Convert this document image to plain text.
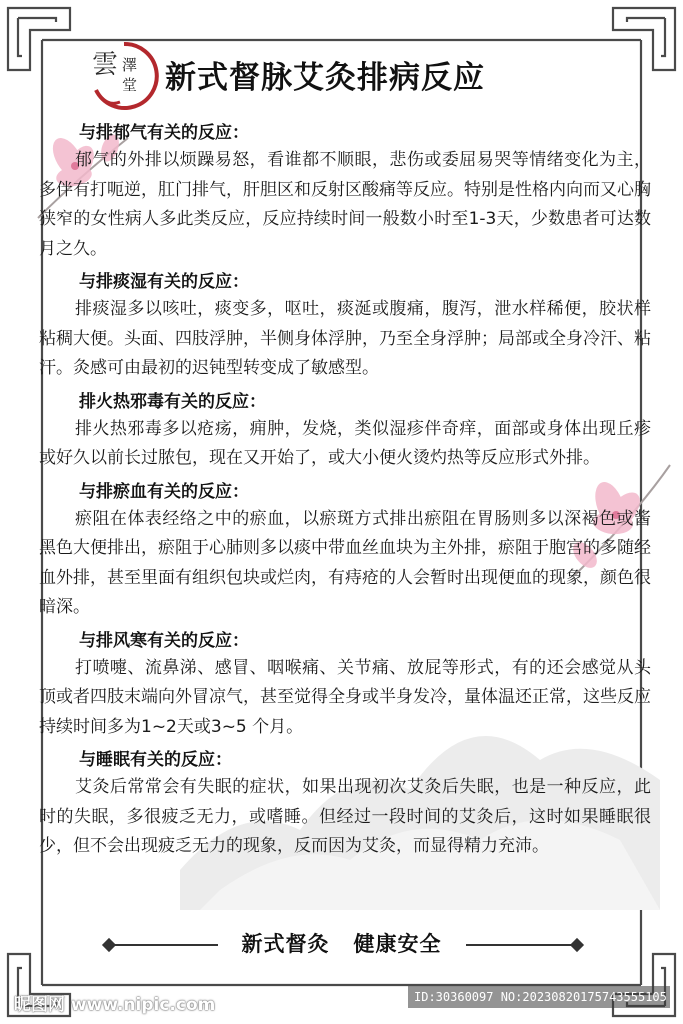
雲 澤
堂 新式督脉艾灸排病反应
与排郁气有关的反应：

郁气的外排以烦躁易怒，看谁都不顺眼，悲伤或委屈易哭等情绪变化为主，多伴有打呃逆，肛门排气，肝胆区和反射区酸痛等反应。特别是性格内向而又心胸狭窄的女性病人多此类反应，反应持续时间一般数小时至1-3天，少数患者可达数月之久。

与排痰湿有关的反应：

排痰湿多以咳吐，痰变多，呕吐，痰涎或腹痛，腹泻，泄水样稀便，胶状样粘稠大便。头面、四肢浮肿，半侧身体浮肿，乃至全身浮肿；局部或全身冷汗、粘汗。灸感可由最初的迟钝型转变成了敏感型。

排火热邪毒有关的反应：

排火热邪毒多以疮疡，痈肿，发烧，类似湿疹伴奇痒，面部或身体出现丘疹或好久以前长过脓包，现在又开始了，或大小便火烫灼热等反应形式外排。

与排瘀血有关的反应：

瘀阻在体表经络之中的瘀血，以瘀斑方式排出瘀阻在胃肠则多以深褐色或酱黑色大便排出，瘀阻于心肺则多以痰中带血丝血块为主外排，瘀阻于胞宫的多随经血外排，甚至里面有组织包块或烂肉，有痔疮的人会暂时出现便血的现象，颜色很暗深。

与排风寒有关的反应：

打喷嚏、流鼻涕、感冒、咽喉痛、关节痛、放屁等形式，有的还会感觉从头顶或者四肢末端向外冒凉气，甚至觉得全身或半身发冷，量体温还正常，这些反应持续时间多为1~2天或3~5 个月。

与睡眠有关的反应：

艾灸后常常会有失眠的症状，如果出现初次艾灸后失眠，也是一种反应，此时的失眠，多很疲乏无力，或嗜睡。但经过一段时间的艾灸后，这时如果睡眠很少，但不会出现疲乏无力的现象，反而因为艾灸，而显得精力充沛。

新式督灸 健康安全
昵图网 www.nipic.com	ID:30360097 NO:20230820175743555105
